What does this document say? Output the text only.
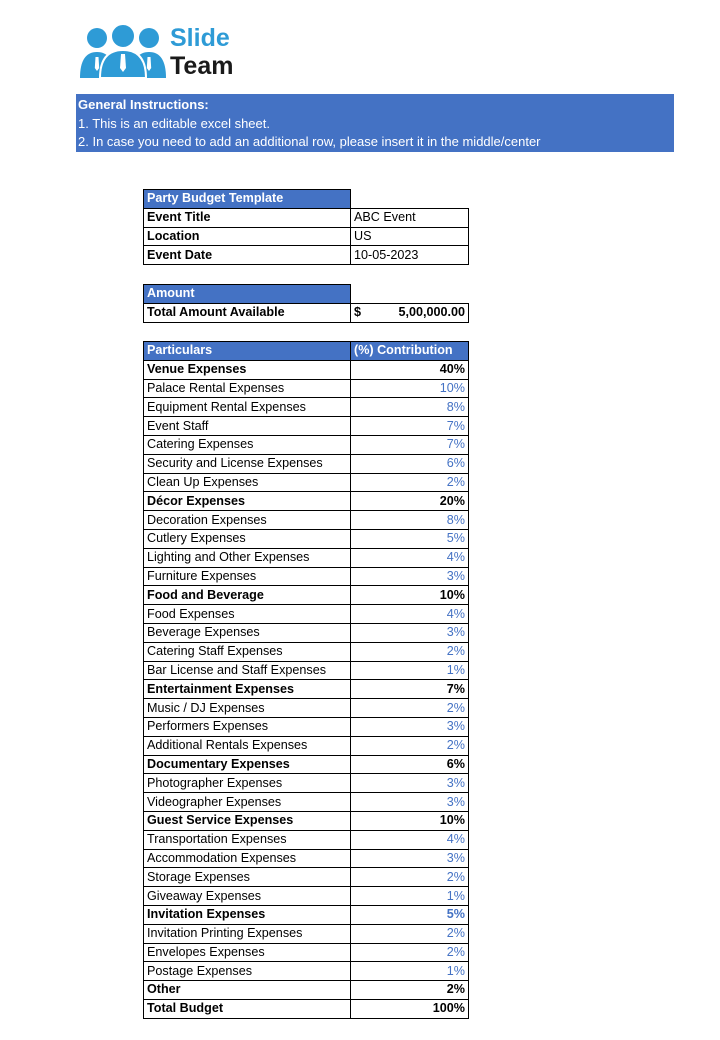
Slide
Team
General Instructions:
1. This is an editable excel sheet.
2. In case you need to add an additional row, please insert it in the middle/center
Party Budget Template	
Event Title	ABC Event
Location	US
Event Date	10-05-2023
Amount	
Total Amount Available	$ 5,00,000.00
Particulars	(%) Contribution
Venue Expenses	40%
Palace Rental Expenses	10%
Equipment Rental Expenses	8%
Event Staff	7%
Catering Expenses	7%
Security and License Expenses	6%
Clean Up Expenses	2%
Décor Expenses	20%
Decoration Expenses	8%
Cutlery Expenses	5%
Lighting and Other Expenses	4%
Furniture Expenses	3%
Food and Beverage	10%
Food Expenses	4%
Beverage Expenses	3%
Catering Staff Expenses	2%
Bar License and Staff Expenses	1%
Entertainment Expenses	7%
Music / DJ Expenses	2%
Performers Expenses	3%
Additional Rentals Expenses	2%
Documentary Expenses	6%
Photographer Expenses	3%
Videographer Expenses	3%
Guest Service Expenses	10%
Transportation Expenses	4%
Accommodation Expenses	3%
Storage Expenses	2%
Giveaway Expenses	1%
Invitation Expenses	5%
Invitation Printing Expenses	2%
Envelopes Expenses	2%
Postage Expenses	1%
Other	2%
Total Budget	100%
